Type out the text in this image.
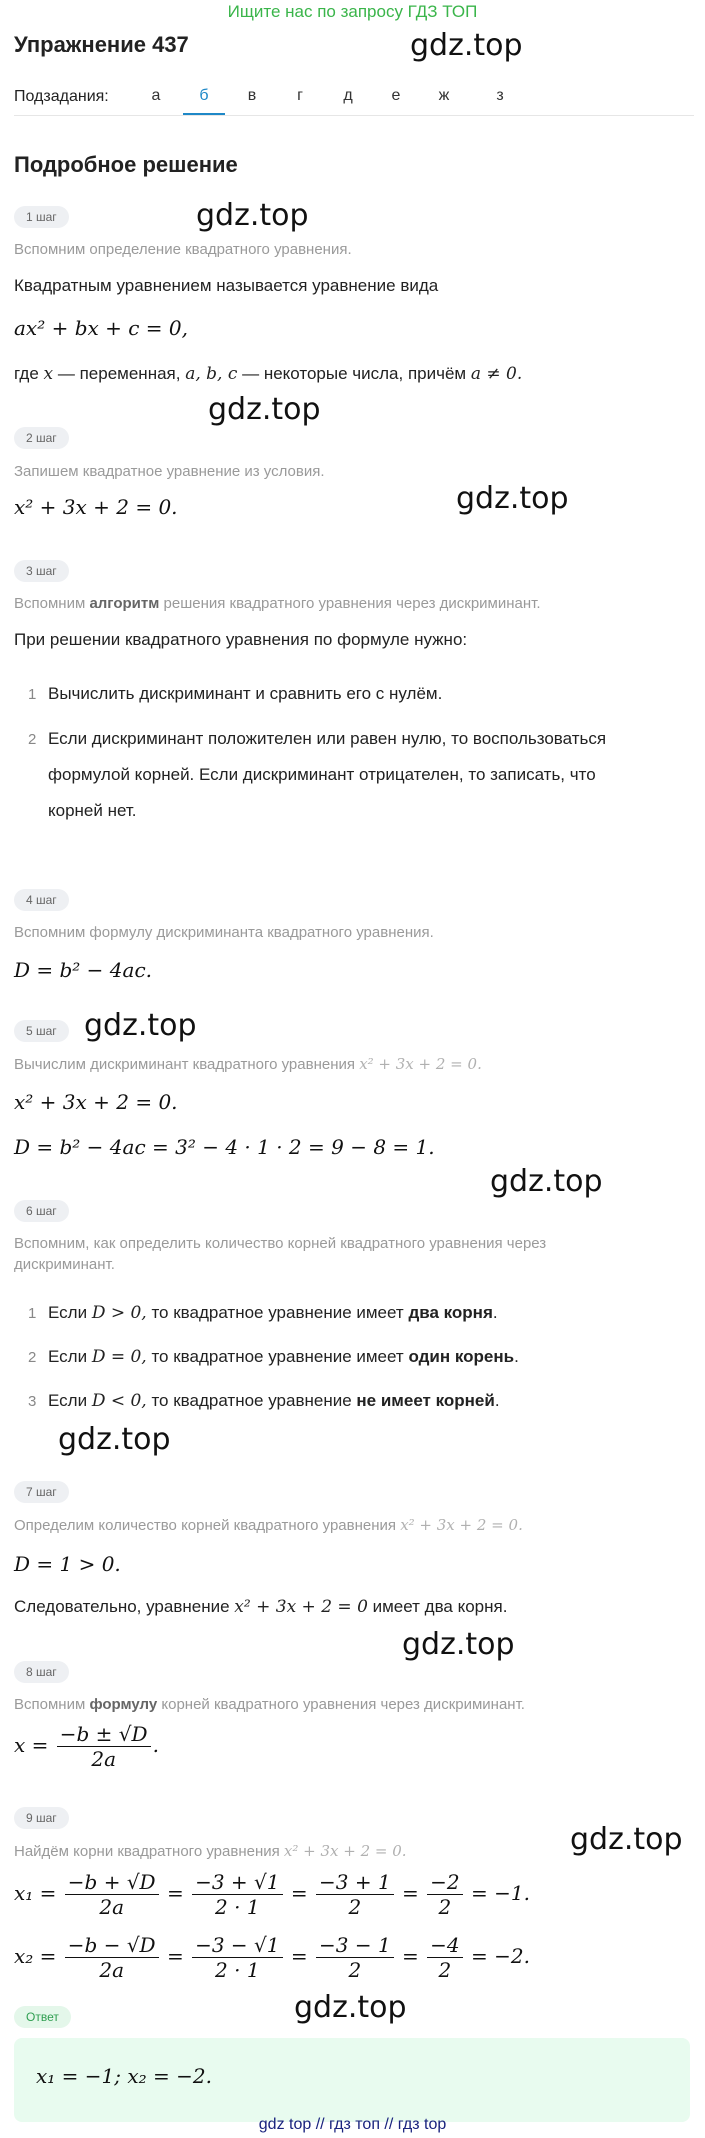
Ищите нас по запросу ГДЗ ТОП
Упражнение 437	gdz.top
Подзадания:	а	б	в	г	д	е	ж	з
Подробное решение
1 шаг	gdz.top
Вспомним определение квадратного уравнения.
Квадратным уравнением называется уравнение вида
ax² + bx + c = 0,
где x — переменная, a, b, c — некоторые числа, причём a ≠ 0.
gdz.top
2 шаг
Запишем квадратное уравнение из условия.
gdz.top
x² + 3x + 2 = 0.
3 шаг
Вспомним алгоритм решения квадратного уравнения через дискриминант.
При решении квадратного уравнения по формуле нужно:
1 Вычислить дискриминант и сравнить его с нулём.
2 Если дискриминант положителен или равен нулю, то воспользоваться
формулой корней. Если дискриминант отрицателен, то записать, что
корней нет.
4 шаг
Вспомним формулу дискриминанта квадратного уравнения.
D = b² − 4ac.
5 шаг gdz.top
Вычислим дискриминант квадратного уравнения x² + 3x + 2 = 0.
x² + 3x + 2 = 0.
D = b² − 4ac = 3² − 4 · 1 · 2 = 9 − 8 = 1.
gdz.top
6 шаг
Вспомним, как определить количество корней квадратного уравнения через
дискриминант.
1 Если D > 0, то квадратное уравнение имеет два корня.
2 Если D = 0, то квадратное уравнение имеет один корень.
3 Если D < 0, то квадратное уравнение не имеет корней.
gdz.top
7 шаг
Определим количество корней квадратного уравнения x² + 3x + 2 = 0.
D = 1 > 0.
Следовательно, уравнение x² + 3x + 2 = 0 имеет два корня.
gdz.top
8 шаг
Вспомним формулу корней квадратного уравнения через дискриминант.
$x = \frac{-b \pm √D}{2a}$ .
9 шаг
gdz.top
Найдём корни квадратного уравнения x² + 3x + 2 = 0.
$x_1 = \frac{-b + √D}{2a} = \frac{-3 + √1}{2 \cdot 1} = \frac{-3 + 1}{2} = \frac{-2}{2} = -1$.
$x_2 = \frac{-b - √D}{2a} = \frac{-3 - √1}{2 \cdot 1} = \frac{-3 - 1}{2} = \frac{-4}{2} = -2$.
Ответ	gdz.top
x₁ = −1; x₂ = −2.
gdz top // гдз топ // гдз top
